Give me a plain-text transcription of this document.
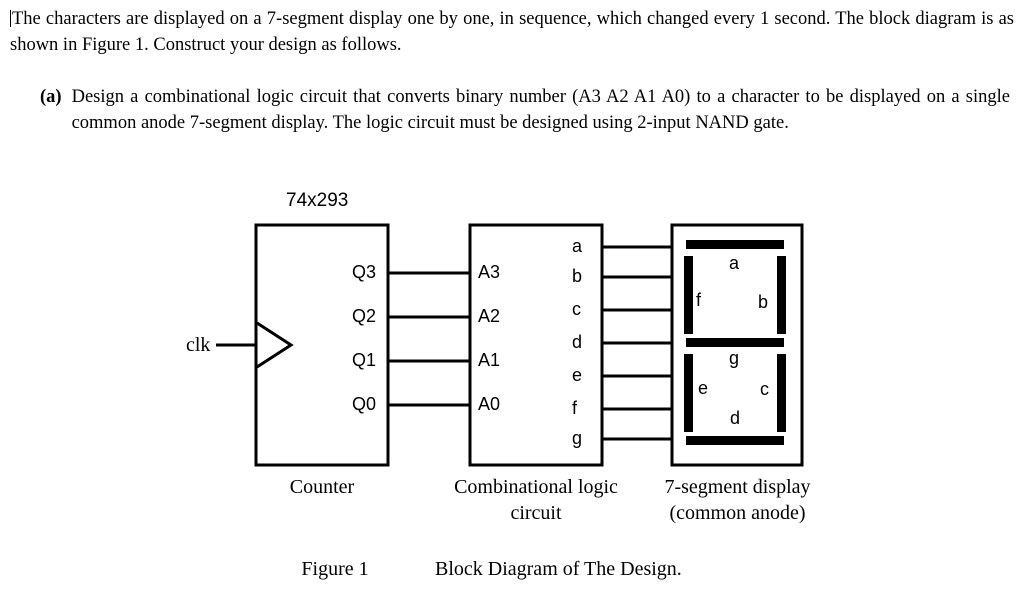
The characters are displayed on a 7-segment display one by one, in sequence, which changed every 1 second. The block diagram is as shown in Figure 1. Construct your design as follows.
(a) Design a combinational logic circuit that converts binary number (A3 A2 A1 A0) to a character to be displayed on a single common anode 7-segment display. The logic circuit must be designed using 2-input NAND gate.
74x293
clk
Q3
Q2
Q1
Q0
A3
A2
A1
A0
a
b
c
d
e
f
g
a
b
c
d
e
f
g
Counter	Combinational logic
circuit
7-segment display
(common anode)
Figure 1	Block Diagram of The Design.
